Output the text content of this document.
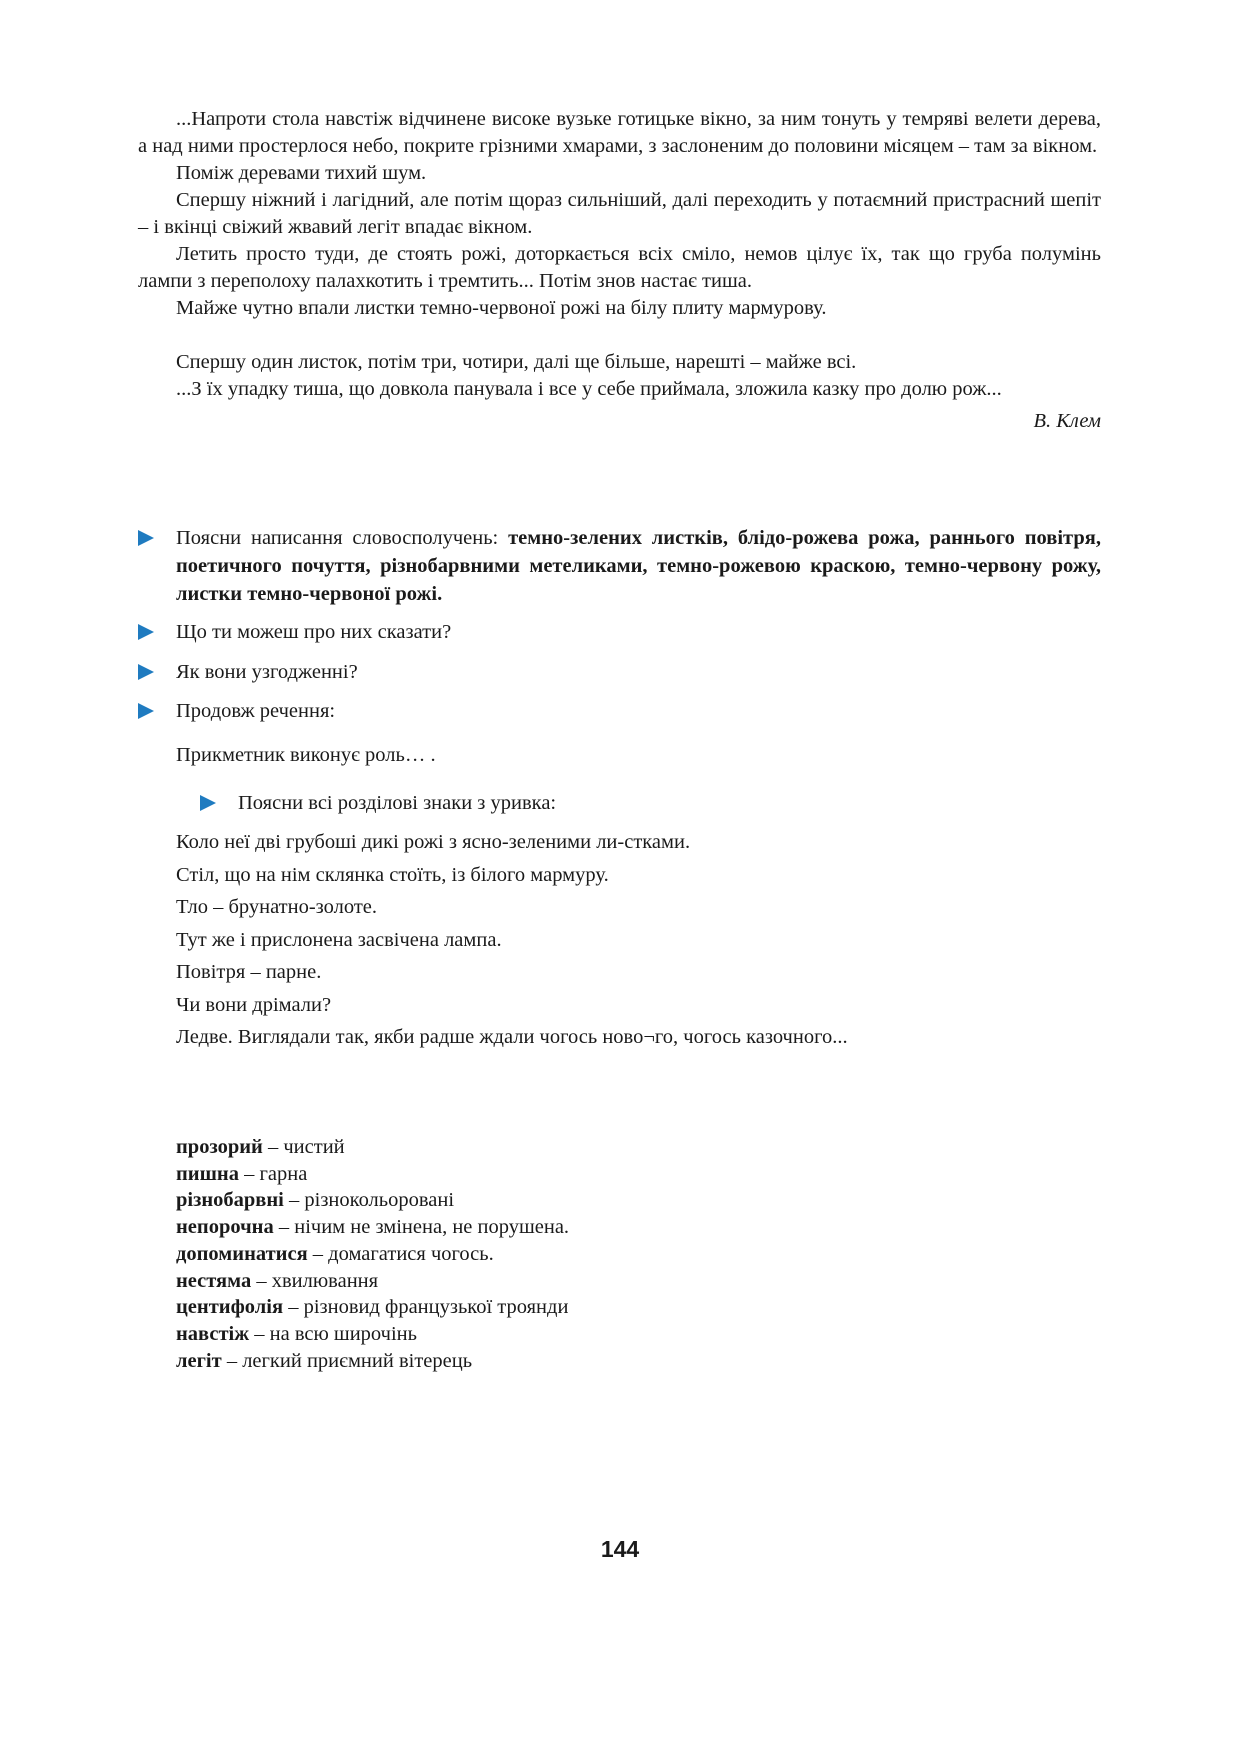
...Напроти стола навстіж відчинене високе вузьке готицьке вікно, за ним тонуть у темряві велети дерева, а над ними простерлося небо, покрите грізними хмарами, з заслоненим до половини місяцем – там за вікном.

Поміж деревами тихий шум.

Спершу ніжний і лагідний, але потім щораз сильніший, далі переходить у потаємний пристрасний шепіт – і вкінці свіжий жвавий легіт впадає вікном.

Летить просто туди, де стоять рожі, доторкається всіх сміло, немов цілує їх, так що груба полумінь лампи з переполоху палахкотить і тремтить... Потім знов настає тиша.

Майже чутно впали листки темно-червоної рожі на білу плиту мармурову.

Спершу один листок, потім три, чотири, далі ще більше, нарешті – майже всі.

...З їх упадку тиша, що довкола панувала і все у себе приймала, зложила казку про долю рож...

В. Клем

Поясни написання словосполучень: темно-зелених листків, блідо-рожева рожа, раннього повітря, поетичного почуття, різнобарвними метеликами, темно-рожевою краскою, темно-червону рожу, листки темно-червоної рожі.

Що ти можеш про них сказати?

Як вони узгодженні?

Продовж речення:

Прикметник виконує роль… .
Поясни всі розділові знаки з уривка:
Коло неї дві грубоші дикі рожі з ясно-зеленими ли-стками.
Стіл, що на нім склянка стоїть, із білого мармуру.
Тло – брунатно-золоте.
Тут же і прислонена засвічена лампа.
Повітря – парне.
Чи вони дрімали?
Ледве. Виглядали так, якби радше ждали чогось ново¬го, чогось казочного...
прозорий – чистий
пишна – гарна
різнобарвні – різнокольоровані
непорочна – нічим не змінена, не порушена.
допоминатися – домагатися чогось.
нестяма – хвилювання
центифолія – різновид французької троянди
навстіж – на всю широчінь
легіт – легкий приємний вітерець
144
